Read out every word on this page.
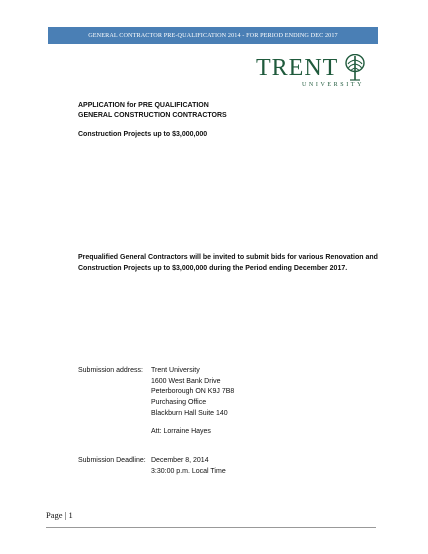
GENERAL CONTRACTOR PRE-QUALIFICATION 2014 - FOR PERIOD ENDING DEC 2017
TRENT
UNIVERSITY
APPLICATION for PRE QUALIFICATION
GENERAL CONSTRUCTION CONTRACTORS
Construction Projects up to $3,000,000
Prequalified General Contractors will be invited to submit bids for various Renovation and
Construction Projects up to $3,000,000 during the Period ending December 2017.
Submission address: Trent University
1600 West Bank Drive
Peterborough ON K9J 7B8
Purchasing Office
Blackburn Hall Suite 140
Att: Lorraine Hayes
Submission Deadline: December 8, 2014
3:30:00 p.m. Local Time
Page | 1
